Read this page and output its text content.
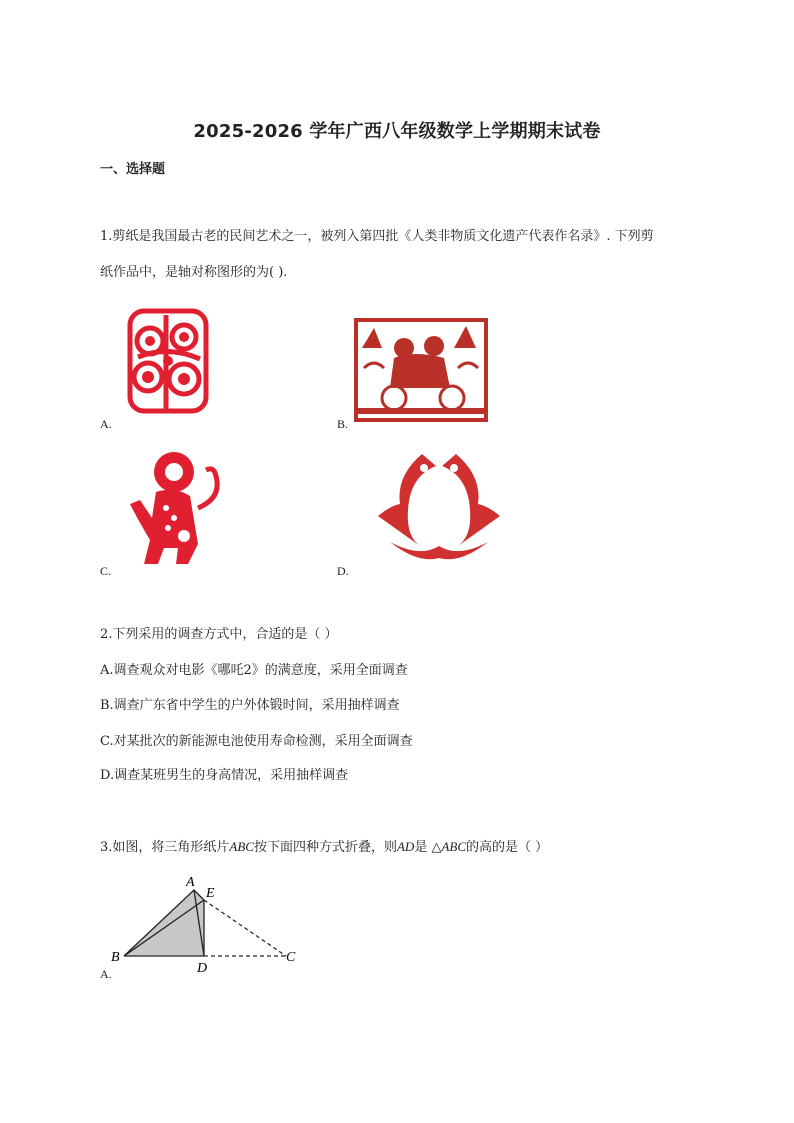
2025-2026 学年广西八年级数学上学期期末试卷
一、选择题
1.剪纸是我国最古老的民间艺术之一，被列入第四批《人类非物质文化遗产代表作名录》. 下列剪
纸作品中，是轴对称图形的为( ).
A.	B.
C.	D.
2.下列采用的调查方式中，合适的是（ ）
A.调查观众对电影《哪吒2》的满意度，采用全面调查
B.调查广东省中学生的户外体锻时间，采用抽样调查
C.对某批次的新能源电池使用寿命检测，采用全面调查
D.调查某班男生的身高情况，采用抽样调查
3.如图，将三角形纸片ABC按下面四种方式折叠，则AD是 △ABC的高的是（ ）
A
E
B
D
C
A.
